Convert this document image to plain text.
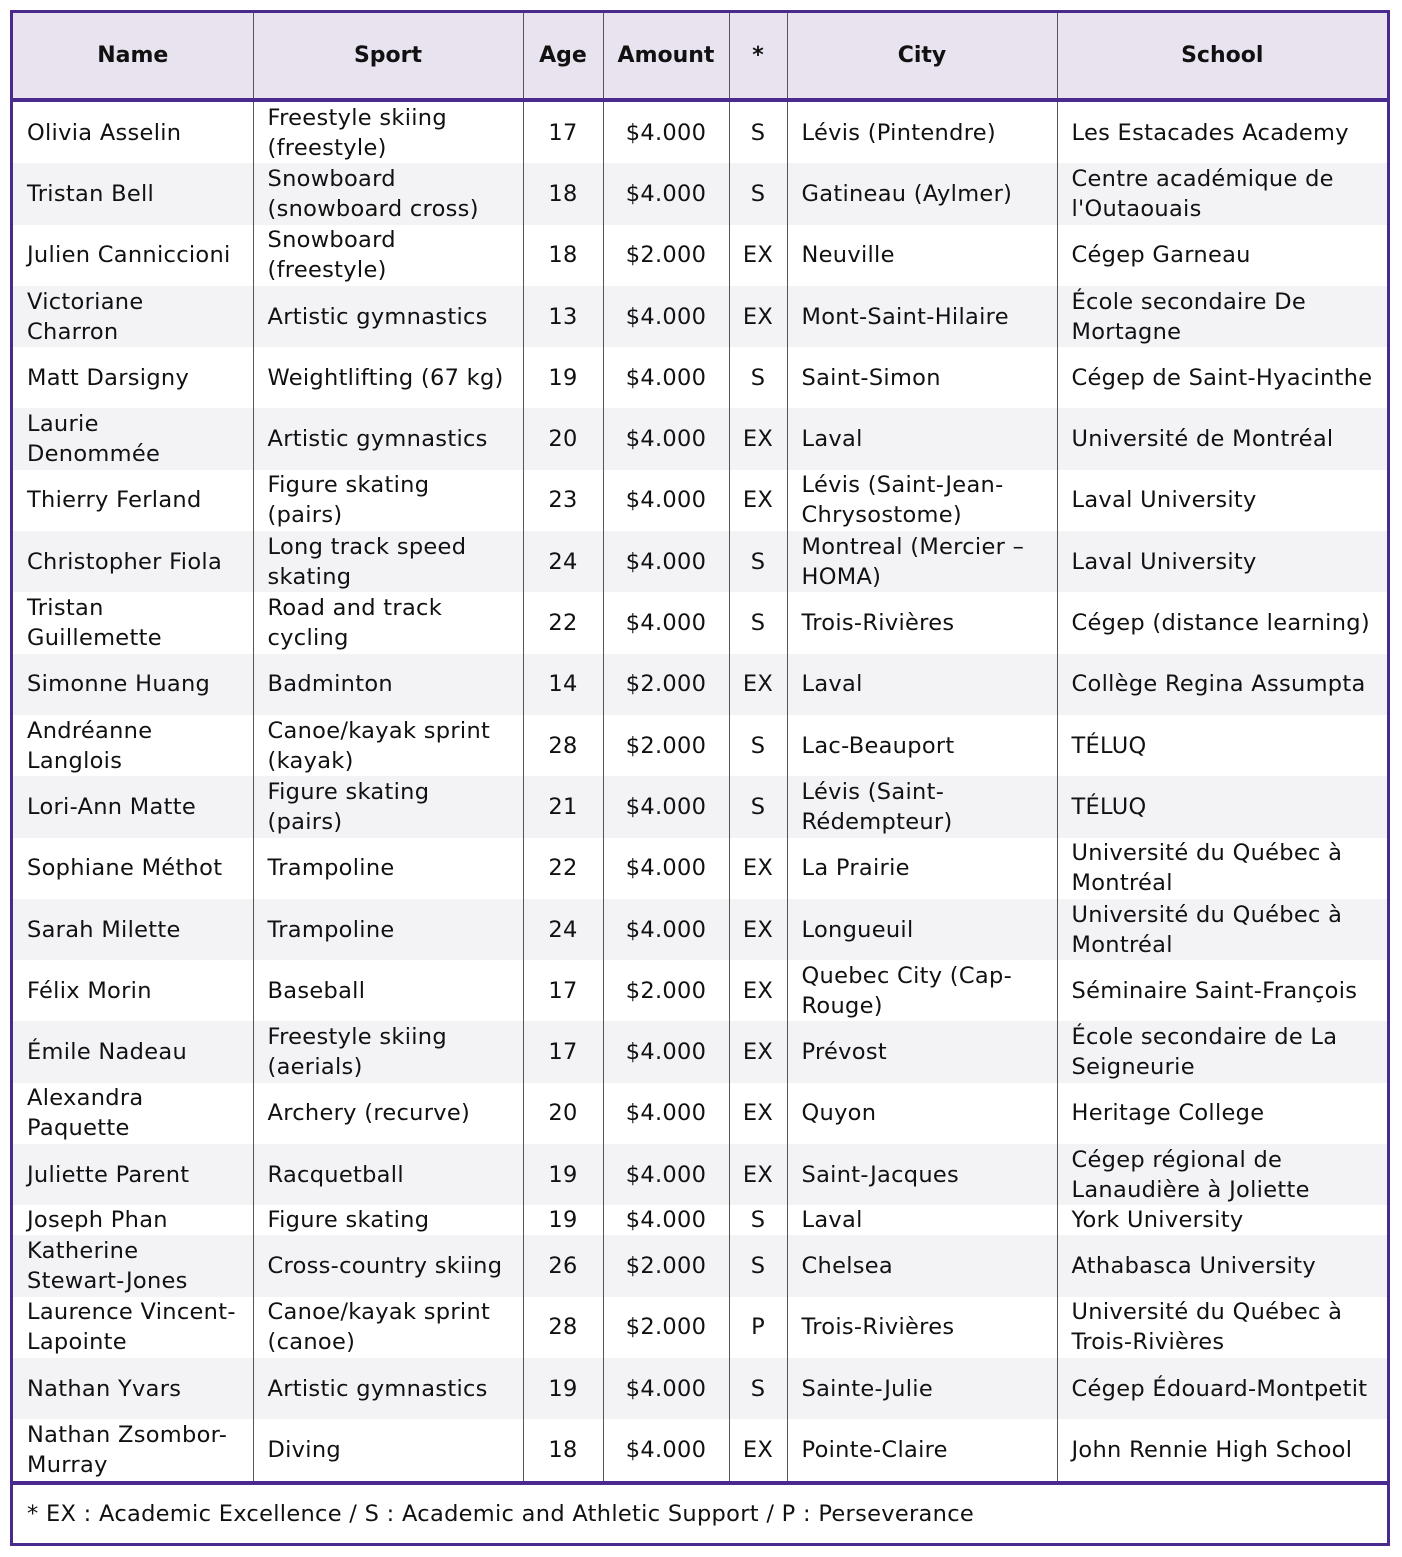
Name	Sport	Age	Amount	*	City	School
Olivia Asselin	Freestyle skiing (freestyle)	17	$4.000	S	Lévis (Pintendre)	Les Estacades Academy
Tristan Bell	Snowboard (snowboard cross)	18	$4.000	S	Gatineau (Aylmer)	Centre académique de l'Outaouais
Julien Canniccioni	Snowboard (freestyle)	18	$2.000	EX	Neuville	Cégep Garneau
Victoriane Charron	Artistic gymnastics	13	$4.000	EX	Mont-Saint-Hilaire	École secondaire De Mortagne
Matt Darsigny	Weightlifting (67 kg)	19	$4.000	S	Saint-Simon	Cégep de Saint-Hyacinthe
Laurie Denommée	Artistic gymnastics	20	$4.000	EX	Laval	Université de Montréal
Thierry Ferland	Figure skating (pairs)	23	$4.000	EX	Lévis (Saint-Jean-Chrysostome)	Laval University
Christopher Fiola	Long track speed skating	24	$4.000	S	Montreal (Mercier – HOMA)	Laval University
Tristan Guillemette	Road and track cycling	22	$4.000	S	Trois-Rivières	Cégep (distance learning)
Simonne Huang	Badminton	14	$2.000	EX	Laval	Collège Regina Assumpta
Andréanne Langlois	Canoe/kayak sprint (kayak)	28	$2.000	S	Lac-Beauport	TÉLUQ
Lori-Ann Matte	Figure skating (pairs)	21	$4.000	S	Lévis (Saint-Rédempteur)	TÉLUQ
Sophiane Méthot	Trampoline	22	$4.000	EX	La Prairie	Université du Québec à Montréal
Sarah Milette	Trampoline	24	$4.000	EX	Longueuil	Université du Québec à Montréal
Félix Morin	Baseball	17	$2.000	EX	Quebec City (Cap-Rouge)	Séminaire Saint-François
Émile Nadeau	Freestyle skiing (aerials)	17	$4.000	EX	Prévost	École secondaire de La Seigneurie
Alexandra Paquette	Archery (recurve)	20	$4.000	EX	Quyon	Heritage College
Juliette Parent	Racquetball	19	$4.000	EX	Saint-Jacques	Cégep régional de Lanaudière à Joliette
Joseph Phan	Figure skating	19	$4.000	S	Laval	York University
Katherine Stewart-Jones	Cross-country skiing	26	$2.000	S	Chelsea	Athabasca University
Laurence Vincent-Lapointe	Canoe/kayak sprint (canoe)	28	$2.000	P	Trois-Rivières	Université du Québec à Trois-Rivières
Nathan Yvars	Artistic gymnastics	19	$4.000	S	Sainte-Julie	Cégep Édouard-Montpetit
Nathan Zsombor-Murray	Diving	18	$4.000	EX	Pointe-Claire	John Rennie High School
* EX : Academic Excellence / S : Academic and Athletic Support / P : Perseverance
